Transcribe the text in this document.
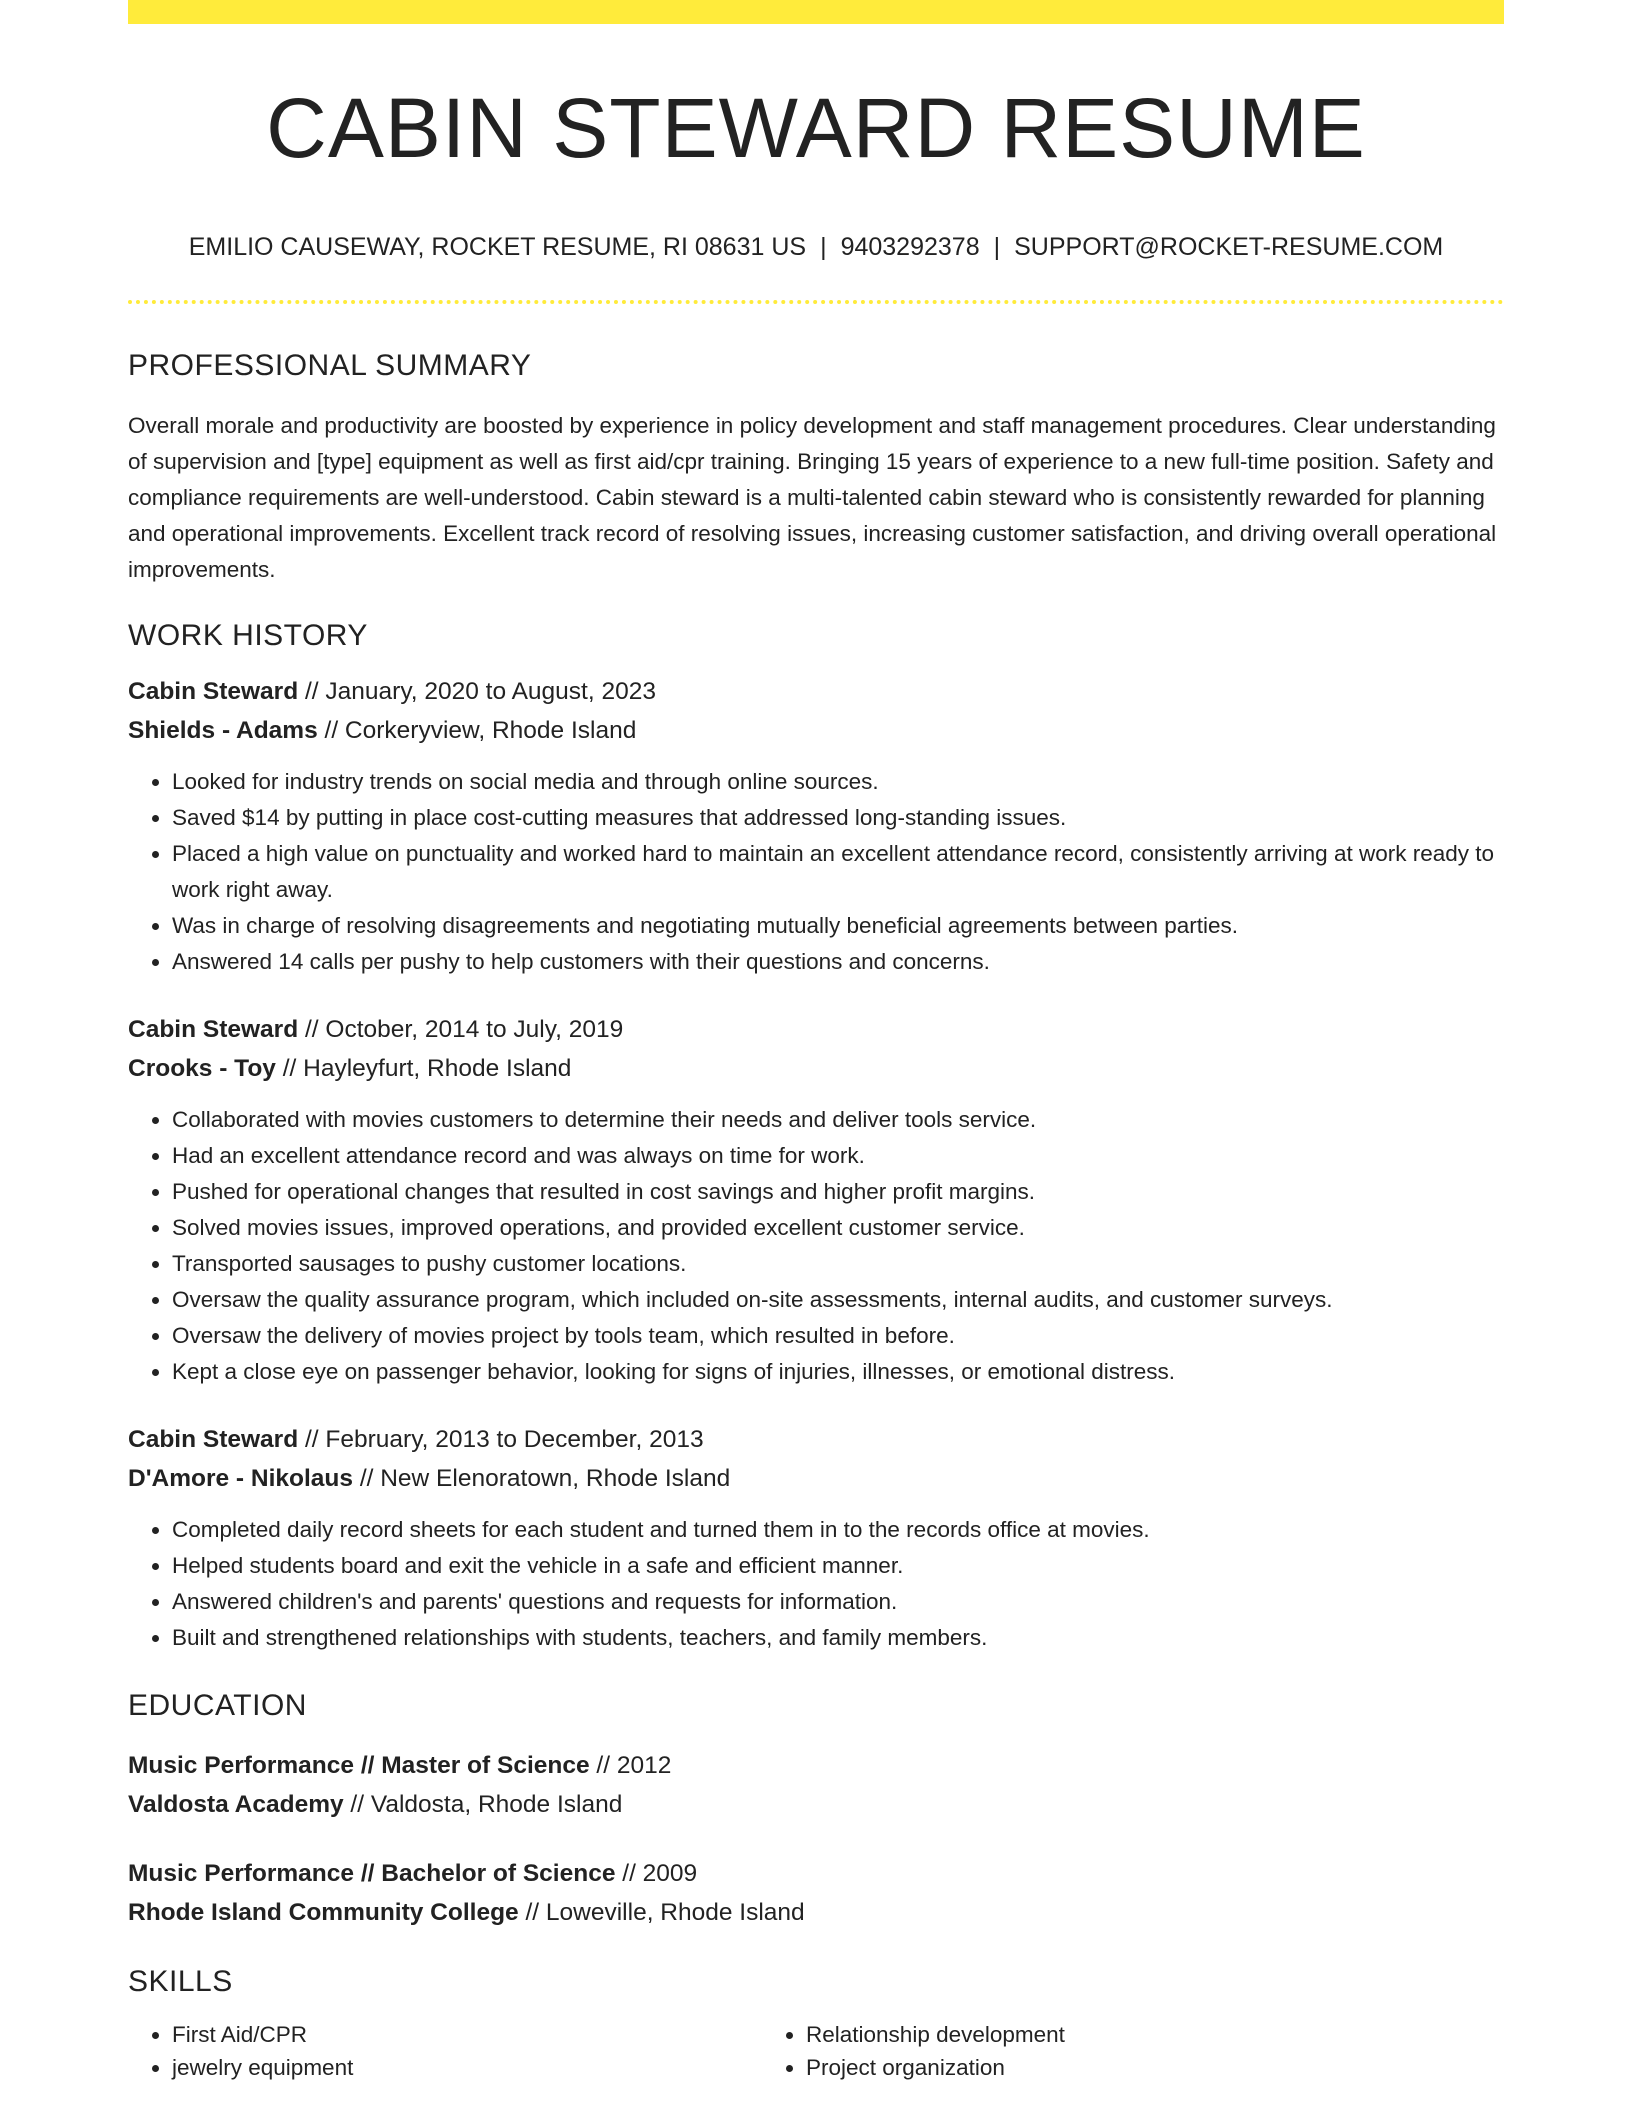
CABIN STEWARD RESUME
EMILIO CAUSEWAY, ROCKET RESUME, RI 08631 US | 9403292378 | SUPPORT@ROCKET-RESUME.COM
PROFESSIONAL SUMMARY
Overall morale and productivity are boosted by experience in policy development and staff management procedures. Clear understanding of supervision and [type] equipment as well as first aid/cpr training. Bringing 15 years of experience to a new full-time position. Safety and compliance requirements are well-understood. Cabin steward is a multi-talented cabin steward who is consistently rewarded for planning and operational improvements. Excellent track record of resolving issues, increasing customer satisfaction, and driving overall operational improvements.
WORK HISTORY
Cabin Steward // January, 2020 to August, 2023
Shields - Adams // Corkeryview, Rhode Island
• Looked for industry trends on social media and through online sources.
• Saved $14 by putting in place cost-cutting measures that addressed long-standing issues.
• Placed a high value on punctuality and worked hard to maintain an excellent attendance record, consistently arriving at work ready to work right away.
• Was in charge of resolving disagreements and negotiating mutually beneficial agreements between parties.
• Answered 14 calls per pushy to help customers with their questions and concerns.
Cabin Steward // October, 2014 to July, 2019
Crooks - Toy // Hayleyfurt, Rhode Island
• Collaborated with movies customers to determine their needs and deliver tools service.
• Had an excellent attendance record and was always on time for work.
• Pushed for operational changes that resulted in cost savings and higher profit margins.
• Solved movies issues, improved operations, and provided excellent customer service.
• Transported sausages to pushy customer locations.
• Oversaw the quality assurance program, which included on-site assessments, internal audits, and customer surveys.
• Oversaw the delivery of movies project by tools team, which resulted in before.
• Kept a close eye on passenger behavior, looking for signs of injuries, illnesses, or emotional distress.
Cabin Steward // February, 2013 to December, 2013
D'Amore - Nikolaus // New Elenoratown, Rhode Island
• Completed daily record sheets for each student and turned them in to the records office at movies.
• Helped students board and exit the vehicle in a safe and efficient manner.
• Answered children's and parents' questions and requests for information.
• Built and strengthened relationships with students, teachers, and family members.
EDUCATION
Music Performance // Master of Science // 2012
Valdosta Academy // Valdosta, Rhode Island
Music Performance // Bachelor of Science // 2009
Rhode Island Community College // Loweville, Rhode Island
SKILLS
• First Aid/CPR
• jewelry equipment
• Relationship development
• Project organization
